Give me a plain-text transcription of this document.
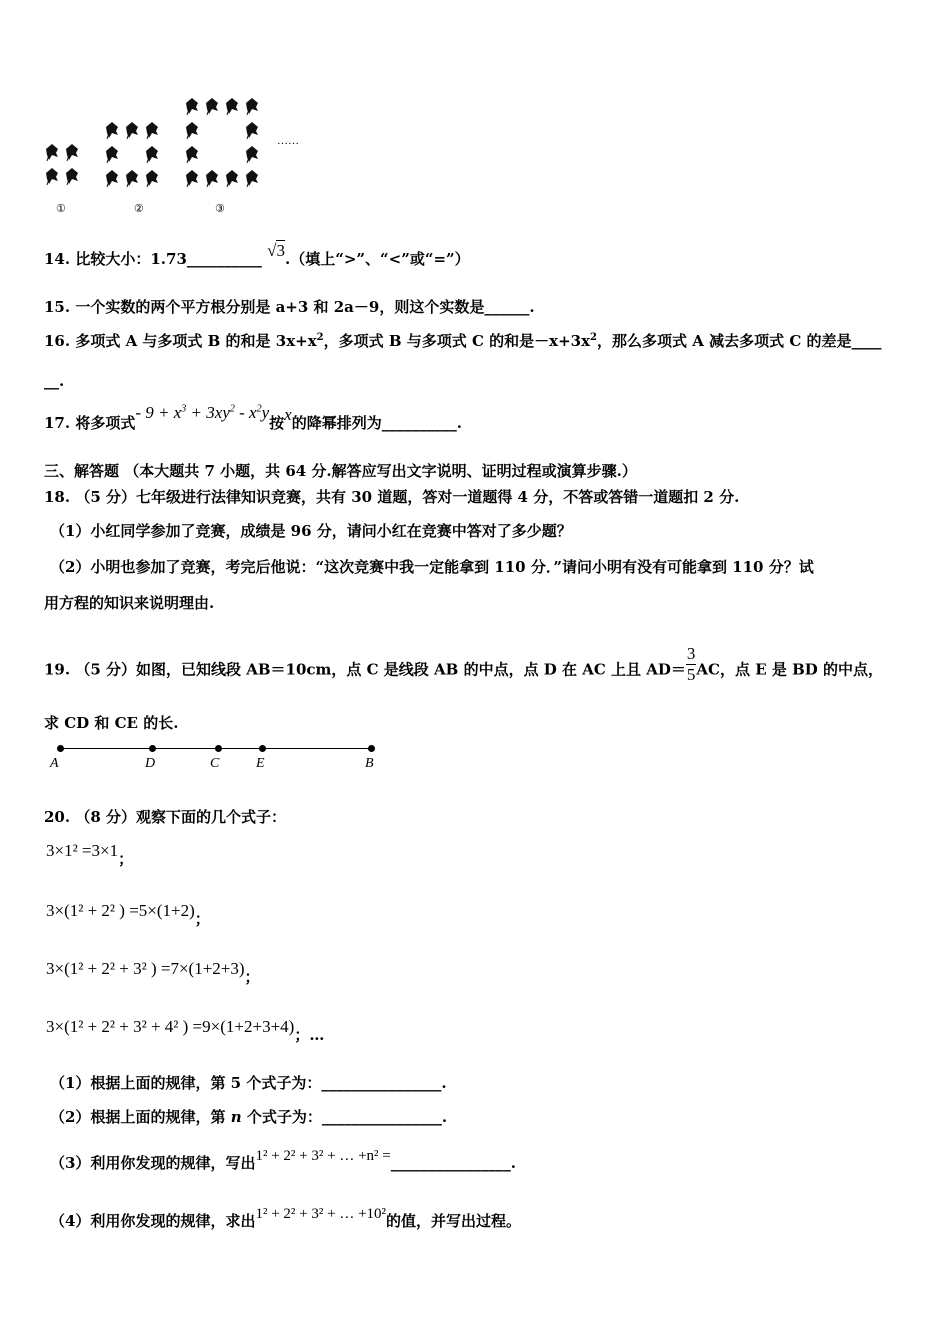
……
①	②	③
14. 比较大小：1.73__________ √3.（填上“>”、“<”或“=”）
15. 一个实数的两个平方根分别是 a+3 和 2a－9，则这个实数是______.
16. 多项式 A 与多项式 B 的和是 $3x+x^2$，多项式 B 与多项式 C 的和是$-x+3x^2$，那么多项式 A 减去多项式 C 的差是____
__.
17. 将多项式- $9 + x^3 + 3xy^2 - x^2y$按x的降幂排列为__________.
三、解答题 （本大题共 7 小题，共 64 分.解答应写出文字说明、证明过程或演算步骤.）
18. （5 分）七年级进行法律知识竞赛，共有 30 道题，答对一道题得 4 分，不答或答错一道题扣 2 分.
（1）小红同学参加了竞赛，成绩是 96 分，请问小红在竞赛中答对了多少题？
（2）小明也参加了竞赛，考完后他说：“这次竞赛中我一定能拿到 110 分．”请问小明有没有可能拿到 110 分？试
用方程的知识来说明理由.
19. （5 分）如图，已知线段 AB＝10cm，点 C 是线段 AB 的中点，点 D 在 AC 上且 $AD= \frac{3}{5}$ AC，点 E 是 BD 的中点，
求 CD 和 CE 的长.
A	D	C	E	B
20. （8 分）观察下面的几个式子：
3×1² =3×1；
3×(1² + 2² ) =5×(1+2)；
3×(1² + 2² + 3² ) =7×(1+2+3)；
3×(1² + 2² + 3² + 4² ) =9×(1+2+3+4)；…
（1）根据上面的规律，第 5 个式子为：________________.
（2）根据上面的规律，第 n 个式子为：________________.
（3）利用你发现的规律，写出1² + 2² + 3² + … +n² =________________.
（4）利用你发现的规律，求出1² + 2² + 3² + … +10²的值，并写出过程。
